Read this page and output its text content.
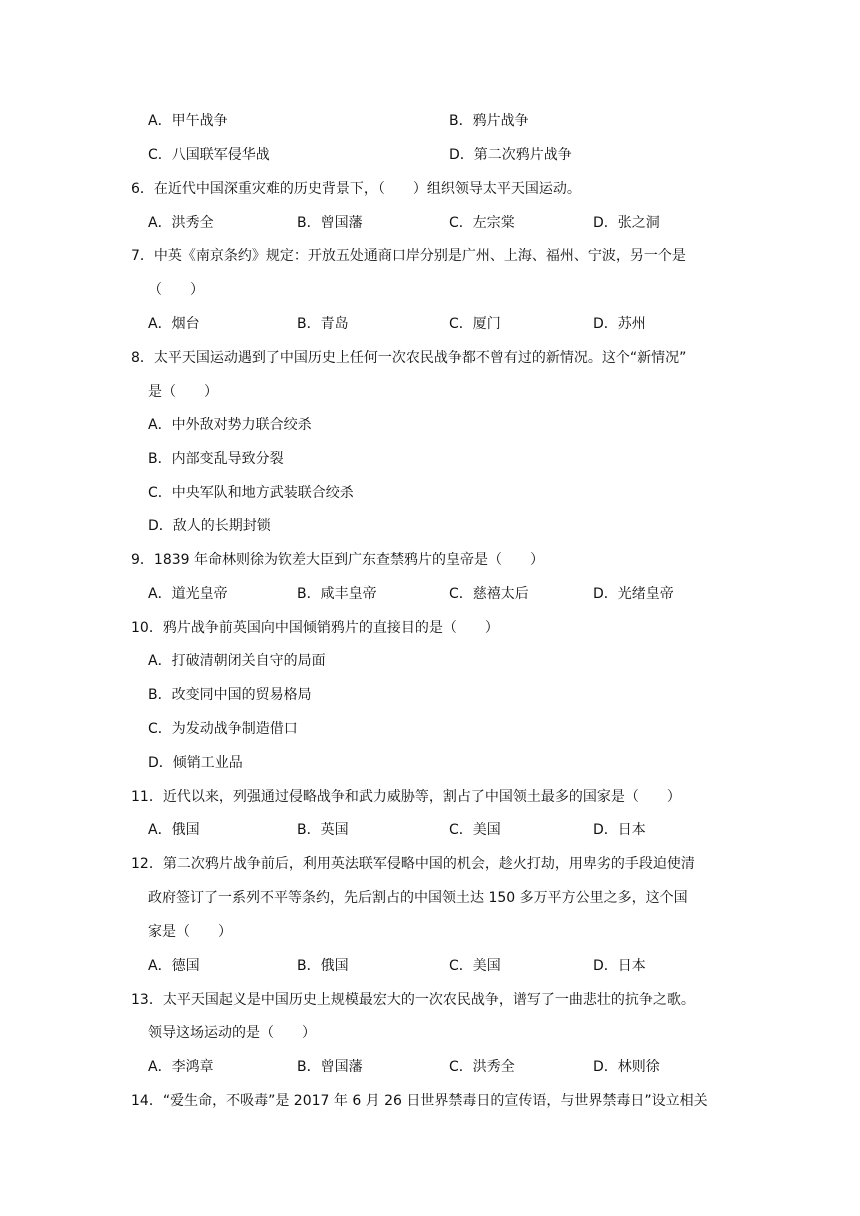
A．甲午战争	B．鸦片战争
C．八国联军侵华战	D．第二次鸦片战争
6．在近代中国深重灾难的历史背景下，（　　）组织领导太平天国运动。
A．洪秀全	B．曾国藩	C．左宗棠	D．张之洞
7．中英《南京条约》规定：开放五处通商口岸分别是广州、上海、福州、宁波，另一个是
（　　）
A．烟台	B．青岛	C．厦门	D．苏州
8．太平天国运动遇到了中国历史上任何一次农民战争都不曾有过的新情况。这个“新情况”
是（　　）
A．中外敌对势力联合绞杀
B．内部变乱导致分裂
C．中央军队和地方武装联合绞杀
D．敌人的长期封锁
9．1839 年命林则徐为钦差大臣到广东查禁鸦片的皇帝是（　　）
A．道光皇帝	B．咸丰皇帝	C．慈禧太后	D．光绪皇帝
10．鸦片战争前英国向中国倾销鸦片的直接目的是（　　）
A．打破清朝闭关自守的局面
B．改变同中国的贸易格局
C．为发动战争制造借口
D．倾销工业品
11．近代以来，列强通过侵略战争和武力威胁等，割占了中国领土最多的国家是（　　）
A．俄国	B．英国	C．美国	D．日本
12．第二次鸦片战争前后，利用英法联军侵略中国的机会，趁火打劫，用卑劣的手段迫使清
政府签订了一系列不平等条约，先后割占的中国领土达 150 多万平方公里之多，这个国
家是（　　）
A．德国	B．俄国	C．美国	D．日本
13．太平天国起义是中国历史上规模最宏大的一次农民战争，谱写了一曲悲壮的抗争之歌。
领导这场运动的是（　　）
A．李鸿章	B．曾国藩	C．洪秀全	D．林则徐
14．“爱生命，不吸毒”是 2017 年 6 月 26 日世界禁毒日的宣传语，与世界禁毒日”设立相关
